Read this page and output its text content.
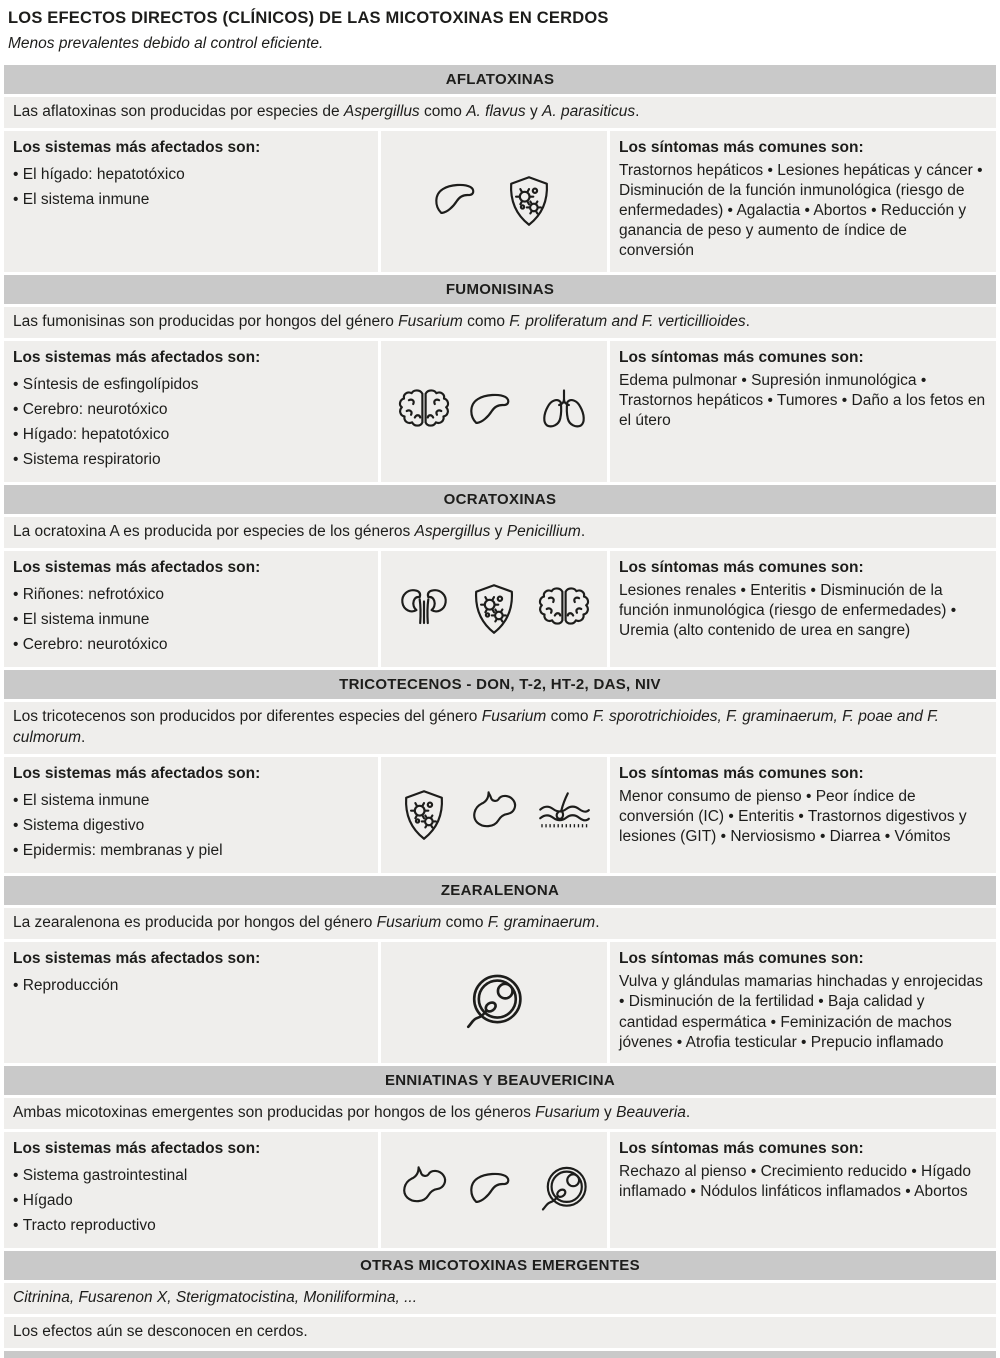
LOS EFECTOS DIRECTOS (CLÍNICOS) DE LAS MICOTOXINAS EN CERDOS
Menos prevalentes debido al control eficiente.
AFLATOXINAS
Las aflatoxinas son producidas por especies de Aspergillus como A. flavus y A. parasiticus.
Los sistemas más afectados son:
• El hígado: hepatotóxico
• El sistema inmune
Los síntomas más comunes son:
Trastornos hepáticos • Lesiones hepáticas y cáncer • Disminución de la función inmunológica (riesgo de enfermedades) • Agalactia • Abortos • Reducción y ganancia de peso y aumento de índice de conversión
FUMONISINAS
Las fumonisinas son producidas por hongos del género Fusarium como F. proliferatum and F. verticillioides.
Los sistemas más afectados son:
• Síntesis de esfingolípidos
• Cerebro: neurotóxico
• Hígado: hepatotóxico
• Sistema respiratorio
Los síntomas más comunes son:
Edema pulmonar • Supresión inmunológica • Trastornos hepáticos • Tumores • Daño a los fetos en el útero
OCRATOXINAS
La ocratoxina A es producida por especies de los géneros Aspergillus y Penicillium.
Los sistemas más afectados son:
• Riñones: nefrotóxico
• El sistema inmune
• Cerebro: neurotóxico
Los síntomas más comunes son:
Lesiones renales • Enteritis • Disminución de la función inmunológica (riesgo de enfermedades) • Uremia (alto contenido de urea en sangre)
TRICOTECENOS - DON, T-2, HT-2, DAS, NIV
Los tricotecenos son producidos por diferentes especies del género Fusarium como F. sporotrichioides, F. graminaerum, F. poae and F. culmorum.
Los sistemas más afectados son:
• El sistema inmune
• Sistema digestivo
• Epidermis: membranas y piel
Los síntomas más comunes son:
Menor consumo de pienso • Peor índice de conversión (IC) • Enteritis • Trastornos digestivos y lesiones (GIT) • Nerviosismo • Diarrea • Vómitos
ZEARALENONA
La zearalenona es producida por hongos del género Fusarium como F. graminaerum.
Los sistemas más afectados son:
• Reproducción
Los síntomas más comunes son:
Vulva y glándulas mamarias hinchadas y enrojecidas • Disminución de la fertilidad • Baja calidad y cantidad espermática • Feminización de machos jóvenes • Atrofia testicular • Prepucio inflamado
ENNIATINAS Y BEAUVERICINA
Ambas micotoxinas emergentes son producidas por hongos de los géneros Fusarium y Beauveria.
Los sistemas más afectados son:
• Sistema gastrointestinal
• Hígado
• Tracto reproductivo
Los síntomas más comunes son:
Rechazo al pienso • Crecimiento reducido • Hígado inflamado • Nódulos linfáticos inflamados • Abortos
OTRAS MICOTOXINAS EMERGENTES
Citrinina, Fusarenon X, Sterigmatocistina, Moniliformina, ...
Los efectos aún se desconocen en cerdos.
